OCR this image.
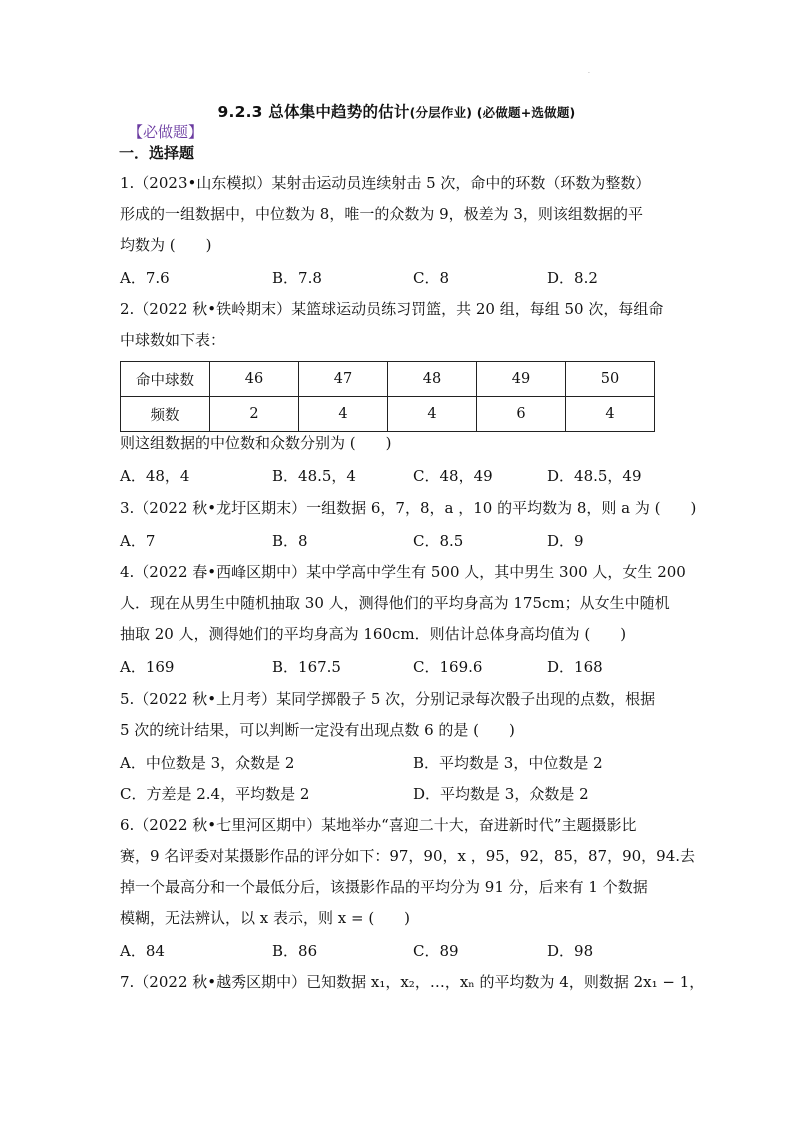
·
9.2.3 总体集中趋势的估计(分层作业) (必做题+选做题)
【必做题】
一．选择题
1.（2023•山东模拟）某射击运动员连续射击 5 次，命中的环数（环数为整数）
形成的一组数据中，中位数为 8，唯一的众数为 9，极差为 3，则该组数据的平
均数为 (　　)
A．7.6	B．7.8	C．8	D．8.2
2.（2022 秋•铁岭期末）某篮球运动员练习罚篮，共 20 组，每组 50 次，每组命
中球数如下表：
命中球数	46	47	48	49	50
频数	2	4	4	6	4
则这组数据的中位数和众数分别为 (　　)
A．48，4	B．48.5，4	C．48，49	D．48.5，49
3.（2022 秋•龙圩区期末）一组数据 6，7，8，a ，10 的平均数为 8，则 a 为 (　　)
A．7	B．8	C．8.5	D．9
4.（2022 春•西峰区期中）某中学高中学生有 500 人，其中男生 300 人，女生 200
人．现在从男生中随机抽取 30 人，测得他们的平均身高为 175cm；从女生中随机
抽取 20 人，测得她们的平均身高为 160cm．则估计总体身高均值为 (　　)
A．169	B．167.5	C．169.6	D．168
5.（2022 秋•上月考）某同学掷骰子 5 次，分别记录每次骰子出现的点数，根据
5 次的统计结果，可以判断一定没有出现点数 6 的是 (　　)
A．中位数是 3，众数是 2	B．平均数是 3，中位数是 2
C．方差是 2.4，平均数是 2	D．平均数是 3，众数是 2
6.（2022 秋•七里河区期中）某地举办“喜迎二十大，奋进新时代”主题摄影比
赛，9 名评委对某摄影作品的评分如下：97，90，x ，95，92，85，87，90，94.去
掉一个最高分和一个最低分后，该摄影作品的平均分为 91 分，后来有 1 个数据
模糊，无法辨认，以 x 表示，则 x = (　　)
A．84	B．86	C．89	D．98
7.（2022 秋•越秀区期中）已知数据 x₁，x₂，…，xₙ 的平均数为 4，则数据 2x₁ − 1，
